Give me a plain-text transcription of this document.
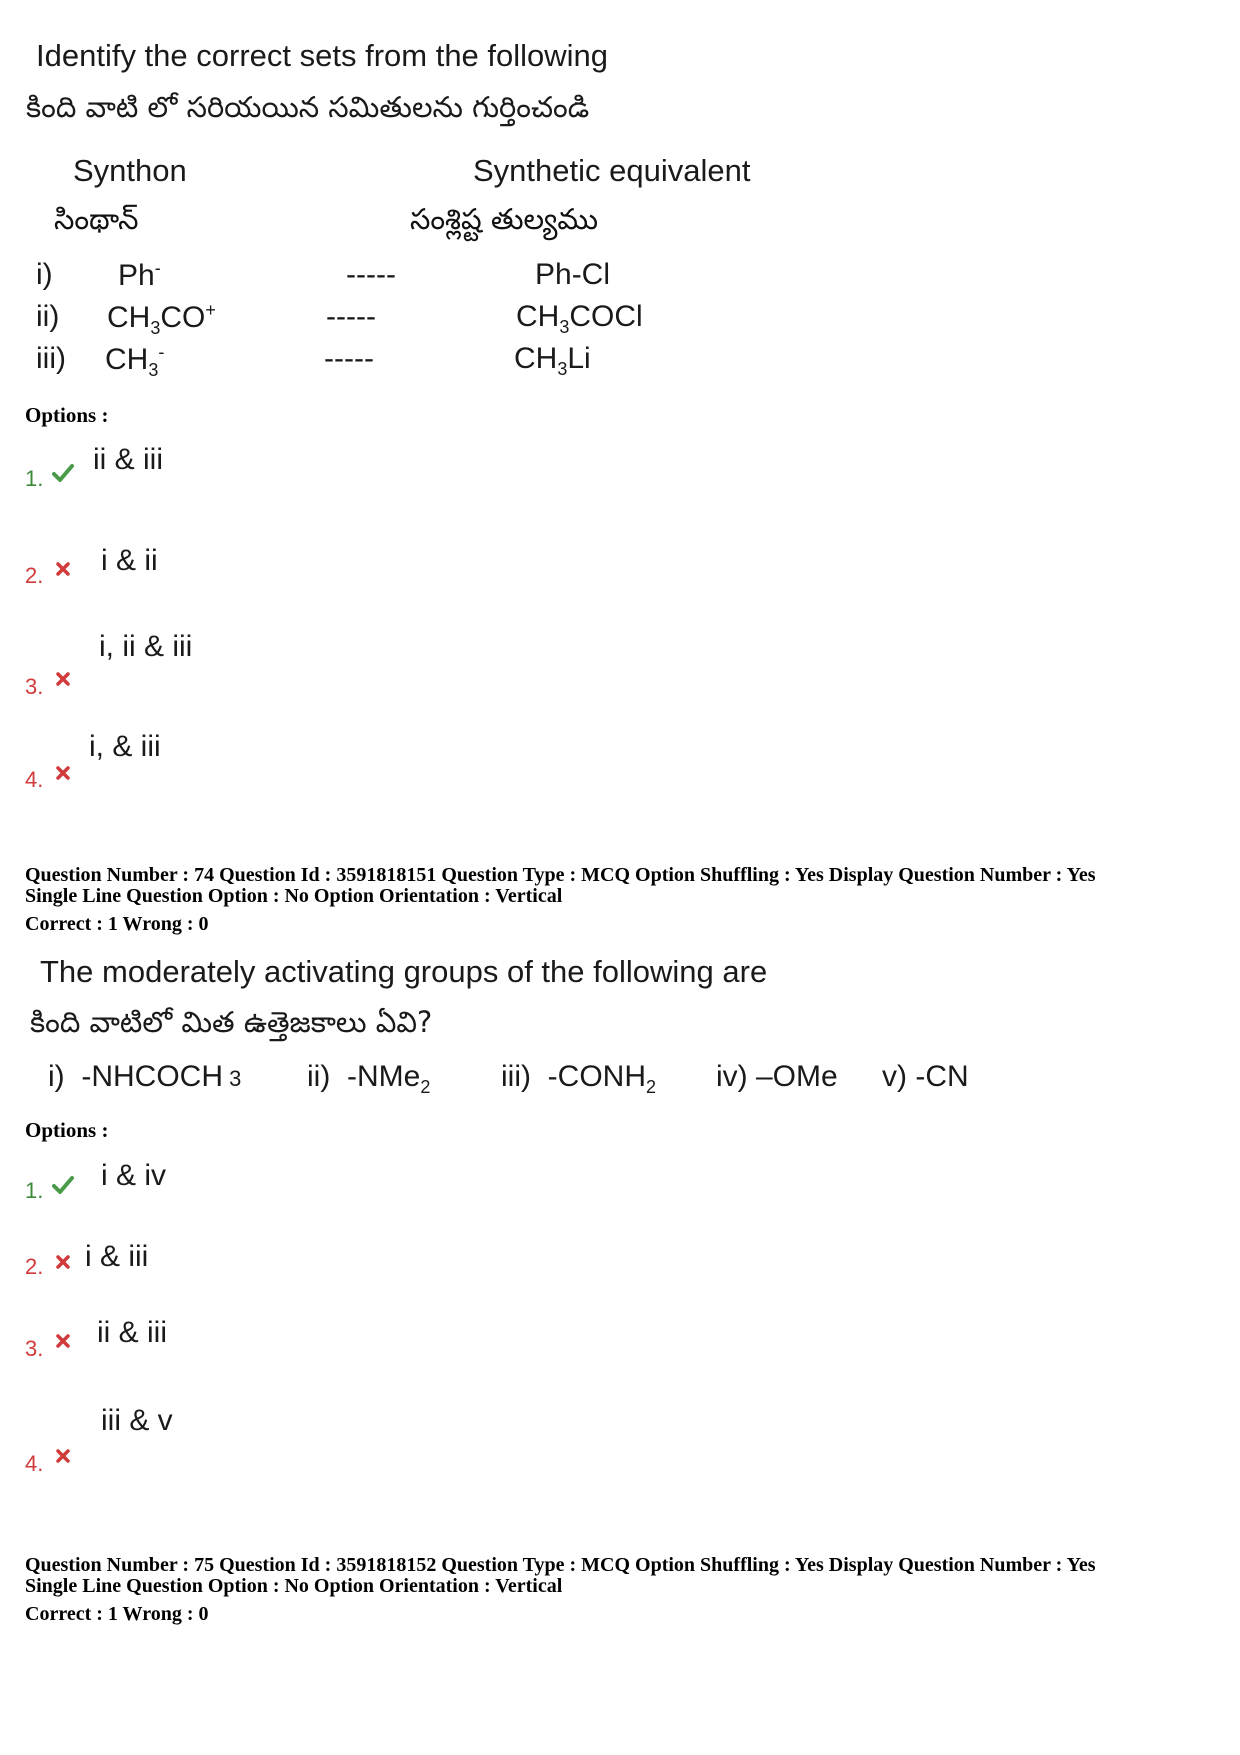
Identify the correct sets from the following
కింది వాటి లో సరియయిన సమితులను గుర్తించండి
Synthon	Synthetic equivalent
సింథాన్	సంశ్లిష్ట తుల్యము
i) Ph-	-----	Ph-Cl
ii) $CH_3CO^+$	-----	$CH_3COCl$
iii) $CH_3^-$	-----	$CH_3Li$
Options :
1.
ii & iii
2. i & ii
3.
i, ii & iii
4.
i, & iii
Question Number : 74 Question Id : 3591818151 Question Type : MCQ Option Shuffling : Yes Display Question Number : Yes
Single Line Question Option : No Option Orientation : Vertical
Correct : 1 Wrong : 0
The moderately activating groups of the following are
కింది వాటిలో మిత ఉత్తెజకాలు ఏవి?
i) -NHCOCH 3 ii) -NMe$_2$ iii) $-CONH_2$ iv) –OMe v) -CN
Options :
1. i & iv
2. i & iii
3. ii & iii
4.
iii & v
Question Number : 75 Question Id : 3591818152 Question Type : MCQ Option Shuffling : Yes Display Question Number : Yes
Single Line Question Option : No Option Orientation : Vertical
Correct : 1 Wrong : 0
